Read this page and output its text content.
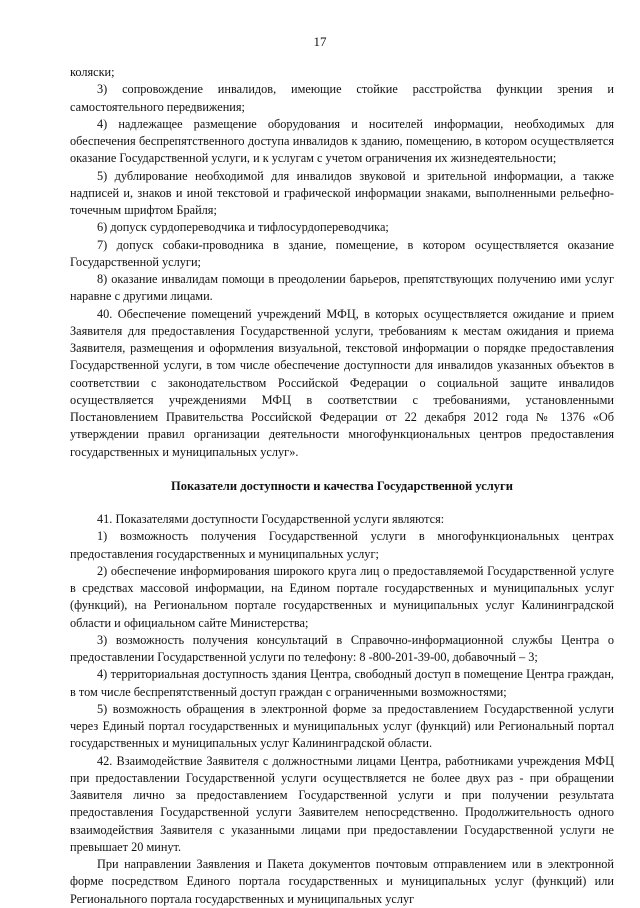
17

коляски;

3) сопровождение инвалидов, имеющие стойкие расстройства функции зрения и самостоятельного передвижения;

4) надлежащее размещение оборудования и носителей информации, необходимых для обеспечения беспрепятственного доступа инвалидов к зданию, помещению, в котором осуществляется оказание Государственной услуги, и к услугам с учетом ограничения их жизнедеятельности;

5) дублирование необходимой для инвалидов звуковой и зрительной информации, а также надписей и, знаков и иной текстовой и графической информации знаками, выполненными рельефно-точечным шрифтом Брайля;

6) допуск сурдопереводчика и тифлосурдопереводчика;

7) допуск собаки-проводника в здание, помещение, в котором осуществляется оказание Государственной услуги;

8) оказание инвалидам помощи в преодолении барьеров, препятствующих получению ими услуг наравне с другими лицами.

40. Обеспечение помещений учреждений МФЦ, в которых осуществляется ожидание и прием Заявителя для предоставления Государственной услуги, требованиям к местам ожидания и приема Заявителя, размещения и оформления визуальной, текстовой информации о порядке предоставления Государственной услуги, в том числе обеспечение доступности для инвалидов указанных объектов в соответствии с законодательством Российской Федерации о социальной защите инвалидов осуществляется учреждениями МФЦ в соответствии с требованиями, установленными Постановлением Правительства Российской Федерации от 22 декабря 2012 года № 1376 «Об утверждении правил организации деятельности многофункциональных центров предоставления государственных и муниципальных услуг».

Показатели доступности и качества Государственной услуги

41. Показателями доступности Государственной услуги являются:

1) возможность получения Государственной услуги в многофункциональных центрах предоставления государственных и муниципальных услуг;

2) обеспечение информирования широкого круга лиц о предоставляемой Государственной услуге в средствах массовой информации, на Едином портале государственных и муниципальных услуг (функций), на Региональном портале государственных и муниципальных услуг Калининградской области и официальном сайте Министерства;

3) возможность получения консультаций в Справочно-информационной службы Центра о предоставлении Государственной услуги по телефону: 8 -800-201-39-00, добавочный – 3;

4) территориальная доступность здания Центра, свободный доступ в помещение Центра граждан, в том числе беспрепятственный доступ граждан с ограниченными возможностями;

5) возможность обращения в электронной форме за предоставлением Государственной услуги через Единый портал государственных и муниципальных услуг (функций) или Региональный портал государственных и муниципальных услуг Калининградской области.

42. Взаимодействие Заявителя с должностными лицами Центра, работниками учреждения МФЦ при предоставлении Государственной услуги осуществляется не более двух раз - при обращении Заявителя лично за предоставлением Государственной услуги и при получении результата предоставления Государственной услуги Заявителем непосредственно. Продолжительность одного взаимодействия Заявителя с указанными лицами при предоставлении Государственной услуги не превышает 20 минут.

При направлении Заявления и Пакета документов почтовым отправлением или в электронной форме посредством Единого портала государственных и муниципальных услуг (функций) или Регионального портала государственных и муниципальных услуг
